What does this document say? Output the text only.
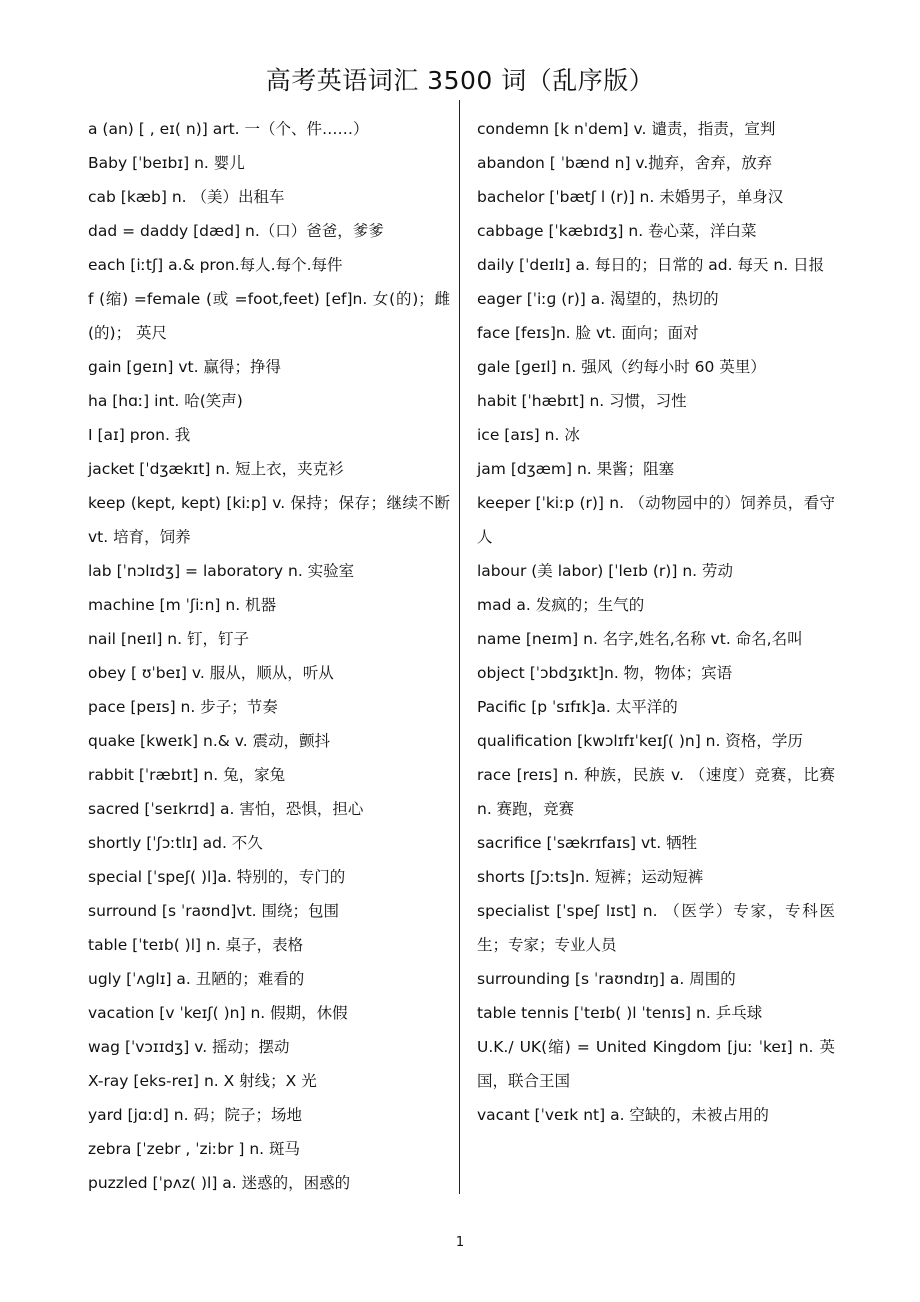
高考英语词汇 3500 词（乱序版）

a (an) [ , eɪ( n)] art. 一（个、件……）

Baby [ˈbeɪbɪ] n. 婴儿

cab [kæb] n. （美）出租车

dad = daddy [dæd] n.（口）爸爸，爹爹

each [iːtʃ] a.& pron.每人.每个.每件

f (缩) =female (或 =foot,feet) [ef]n. 女(的)；雌(的)； 英尺

gain [ɡeɪn] vt. 赢得；挣得

ha [hɑː] int. 哈(笑声)

I [aɪ] pron. 我

jacket [ˈdʒækɪt] n. 短上衣，夹克衫

keep (kept, kept) [kiːp] v. 保持；保存；继续不断 vt. 培育，饲养

lab [ˈnɔlɪdʒ] = laboratory n. 实验室

machine [m ˈʃiːn] n. 机器

nail [neɪl] n. 钉，钉子

obey [ ʊˈbeɪ] v. 服从，顺从，听从

pace [peɪs] n. 步子；节奏

quake [kweɪk] n.& v. 震动，颤抖

rabbit [ˈræbɪt] n. 兔，家兔

sacred [ˈseɪkrɪd] a. 害怕，恐惧，担心

shortly [ˈʃɔːtlɪ] ad. 不久

special [ˈspeʃ( )l]a. 特别的，专门的

surround [s ˈraʊnd]vt. 围绕；包围

table [ˈteɪb( )l] n. 桌子，表格

ugly [ˈʌɡlɪ] a. 丑陋的；难看的

vacation [v ˈkeɪʃ( )n] n. 假期，休假

wag [ˈvɔɪɪdʒ] v. 摇动；摆动

X-ray [eks-reɪ] n. X 射线；X 光

yard [jɑːd] n. 码；院子；场地

zebra [ˈzebr , ˈziːbr ] n. 斑马

puzzled [ˈpʌz( )l] a. 迷惑的，困惑的

condemn [k nˈdem] v. 谴责，指责，宣判

abandon [ ˈbænd n] v.抛弃，舍弃，放弃

bachelor [ˈbætʃ l (r)] n. 未婚男子，单身汉

cabbage [ˈkæbɪdʒ] n. 卷心菜，洋白菜

daily [ˈdeɪlɪ] a. 每日的；日常的 ad. 每天 n. 日报

eager [ˈiːɡ (r)] a. 渴望的，热切的

face [feɪs]n. 脸 vt. 面向；面对

gale [ɡeɪl] n. 强风（约每小时 60 英里）

habit [ˈhæbɪt] n. 习惯，习性

ice [aɪs] n. 冰

jam [dʒæm] n. 果酱；阻塞

keeper [ˈkiːp (r)] n. （动物园中的）饲养员，看守人

labour (美 labor) [ˈleɪb (r)] n. 劳动

mad a. 发疯的；生气的

name [neɪm] n. 名字,姓名,名称 vt. 命名,名叫

object [ˈɔbdʒɪkt]n. 物，物体；宾语

Pacific [p ˈsɪfɪk]a. 太平洋的

qualification [kwɔlɪfɪˈkeɪʃ( )n] n. 资格，学历

race [reɪs] n. 种族，民族 v. （速度）竞赛，比赛 n. 赛跑，竞赛

sacrifice [ˈsækrɪfaɪs] vt. 牺牲

shorts [ʃɔːts]n. 短裤；运动短裤

specialist [ˈspeʃ lɪst] n. （医学）专家，专科医生；专家；专业人员

surrounding [s ˈraʊndɪŋ] a. 周围的

table tennis [ˈteɪb( )l ˈtenɪs] n. 乒乓球

U.K./ UK(缩) = United Kingdom [juː ˈkeɪ] n. 英国，联合王国

vacant [ˈveɪk nt] a. 空缺的，未被占用的

1
